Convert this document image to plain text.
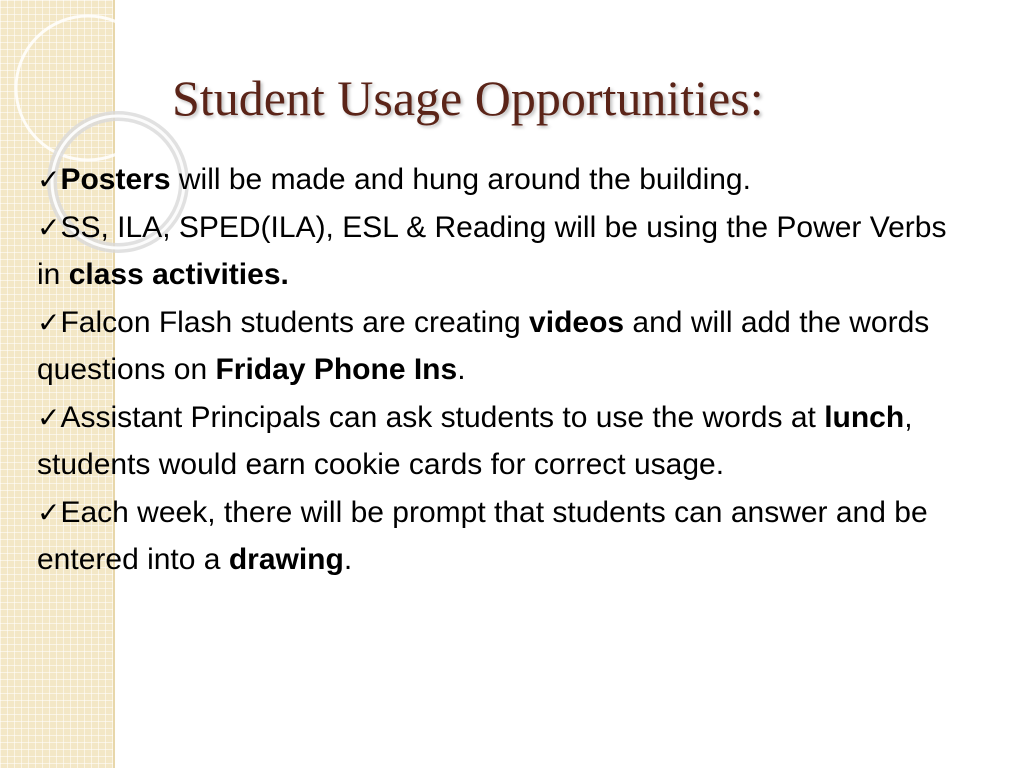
Student Usage Opportunities:

✓Posters will be made and hung around the building.

✓SS, ILA, SPED(ILA), ESL & Reading will be using the Power Verbs in class activities.

✓Falcon Flash students are creating videos and will add the words questions on Friday Phone Ins.

✓Assistant Principals can ask students to use the words at lunch, students would earn cookie cards for correct usage.

✓Each week, there will be prompt that students can answer and be entered into a drawing.
